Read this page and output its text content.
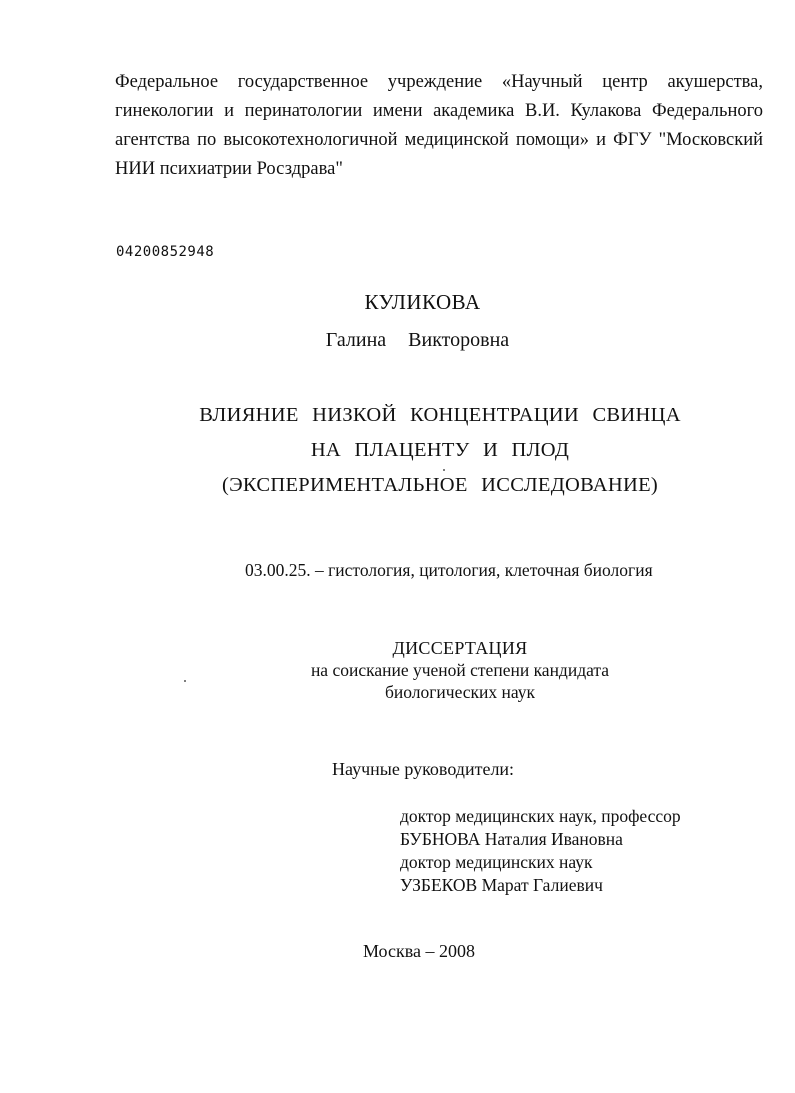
Федеральное государственное учреждение «Научный центр акушерства,
гинекологии и перинатологии имени академика В.И. Кулакова Федерального
агентства по высокотехнологичной медицинской помощи» и ФГУ "Московский
НИИ психиатрии Росздрава"
04200852948
КУЛИКОВА
Галина  Викторовна
ВЛИЯНИЕ НИЗКОЙ КОНЦЕНТРАЦИИ СВИНЦА
НА ПЛАЦЕНТУ И ПЛОД
(ЭКСПЕРИМЕНТАЛЬНОЕ ИССЛЕДОВАНИЕ)
03.00.25. – гистология, цитология, клеточная биология
ДИССЕРТАЦИЯ
на соискание ученой степени кандидата
биологических наук
Научные руководители:
доктор медицинских наук, профессор
БУБНОВА Наталия Ивановна
доктор медицинских наук
УЗБЕКОВ Марат Галиевич
Москва – 2008
